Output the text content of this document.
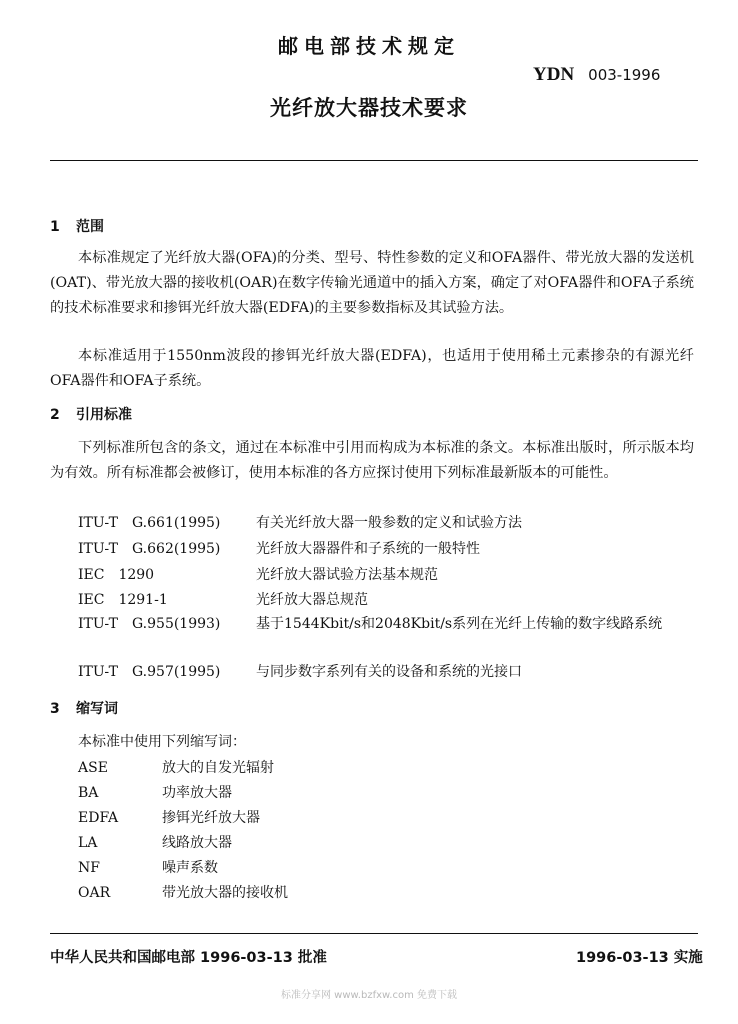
邮电部技术规定
YDN 003-1996
光纤放大器技术要求
1 范围

本标准规定了光纤放大器(OFA)的分类、型号、特性参数的定义和OFA器件、带光放大器的发送机(OAT)、带光放大器的接收机(OAR)在数字传输光通道中的插入方案，确定了对OFA器件和OFA子系统的技术标准要求和掺铒光纤放大器(EDFA)的主要参数指标及其试验方法。

本标准适用于1550nm波段的掺铒光纤放大器(EDFA)，也适用于使用稀土元素掺杂的有源光纤OFA器件和OFA子系统。

2 引用标准

下列标准所包含的条文，通过在本标准中引用而构成为本标准的条文。本标准出版时，所示版本均为有效。所有标准都会被修订，使用本标准的各方应探讨使用下列标准最新版本的可能性。

ITU-T　G.661(1995)	有关光纤放大器一般参数的定义和试验方法
ITU-T　G.662(1995)	光纤放大器器件和子系统的一般特性
IEC　1290	光纤放大器试验方法基本规范
IEC　1291-1	光纤放大器总规范
ITU-T　G.955(1993)	基于1544Kbit/s和2048Kbit/s系列在光纤上传输的数字线路系统
ITU-T　G.957(1995)	与同步数字系列有关的设备和系统的光接口
3 缩写词
本标准中使用下列缩写词：
ASE	放大的自发光辐射
BA	功率放大器
EDFA	掺铒光纤放大器
LA	线路放大器
NF	噪声系数
OAR	带光放大器的接收机
中华人民共和国邮电部 1996-03-13 批准	1996-03-13 实施
标准分享网 www.bzfxw.com 免费下载
